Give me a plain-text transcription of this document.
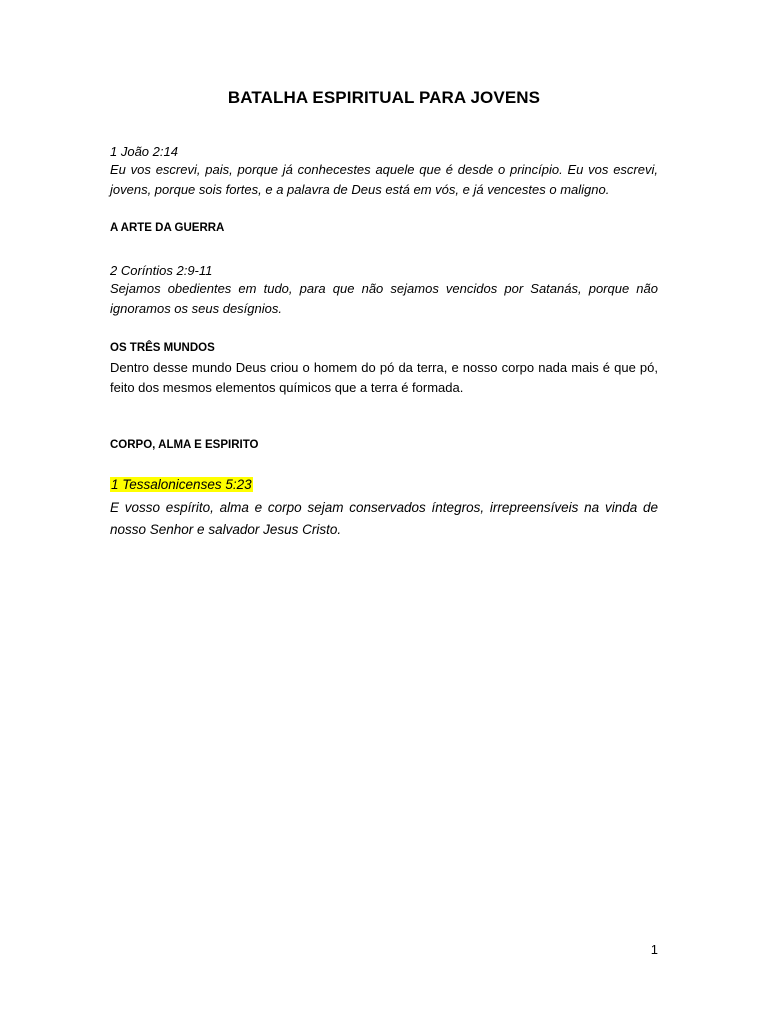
BATALHA ESPIRITUAL PARA JOVENS
1 João 2:14
Eu vos escrevi, pais, porque já conhecestes aquele que é desde o princípio. Eu vos escrevi, jovens, porque sois fortes, e a palavra de Deus está em vós, e já vencestes o maligno.
A ARTE DA GUERRA
2 Coríntios 2:9-11
Sejamos obedientes em tudo, para que não sejamos vencidos por Satanás, porque não ignoramos os seus desígnios.
OS TRÊS MUNDOS
Dentro desse mundo Deus criou o homem do pó da terra, e nosso corpo nada mais é que pó, feito dos mesmos elementos químicos que a terra é formada.
CORPO, ALMA E ESPIRITO
1 Tessalonicenses 5:23
E vosso espírito, alma e corpo sejam conservados íntegros, irrepreensíveis na vinda de nosso Senhor e salvador Jesus Cristo.
1
